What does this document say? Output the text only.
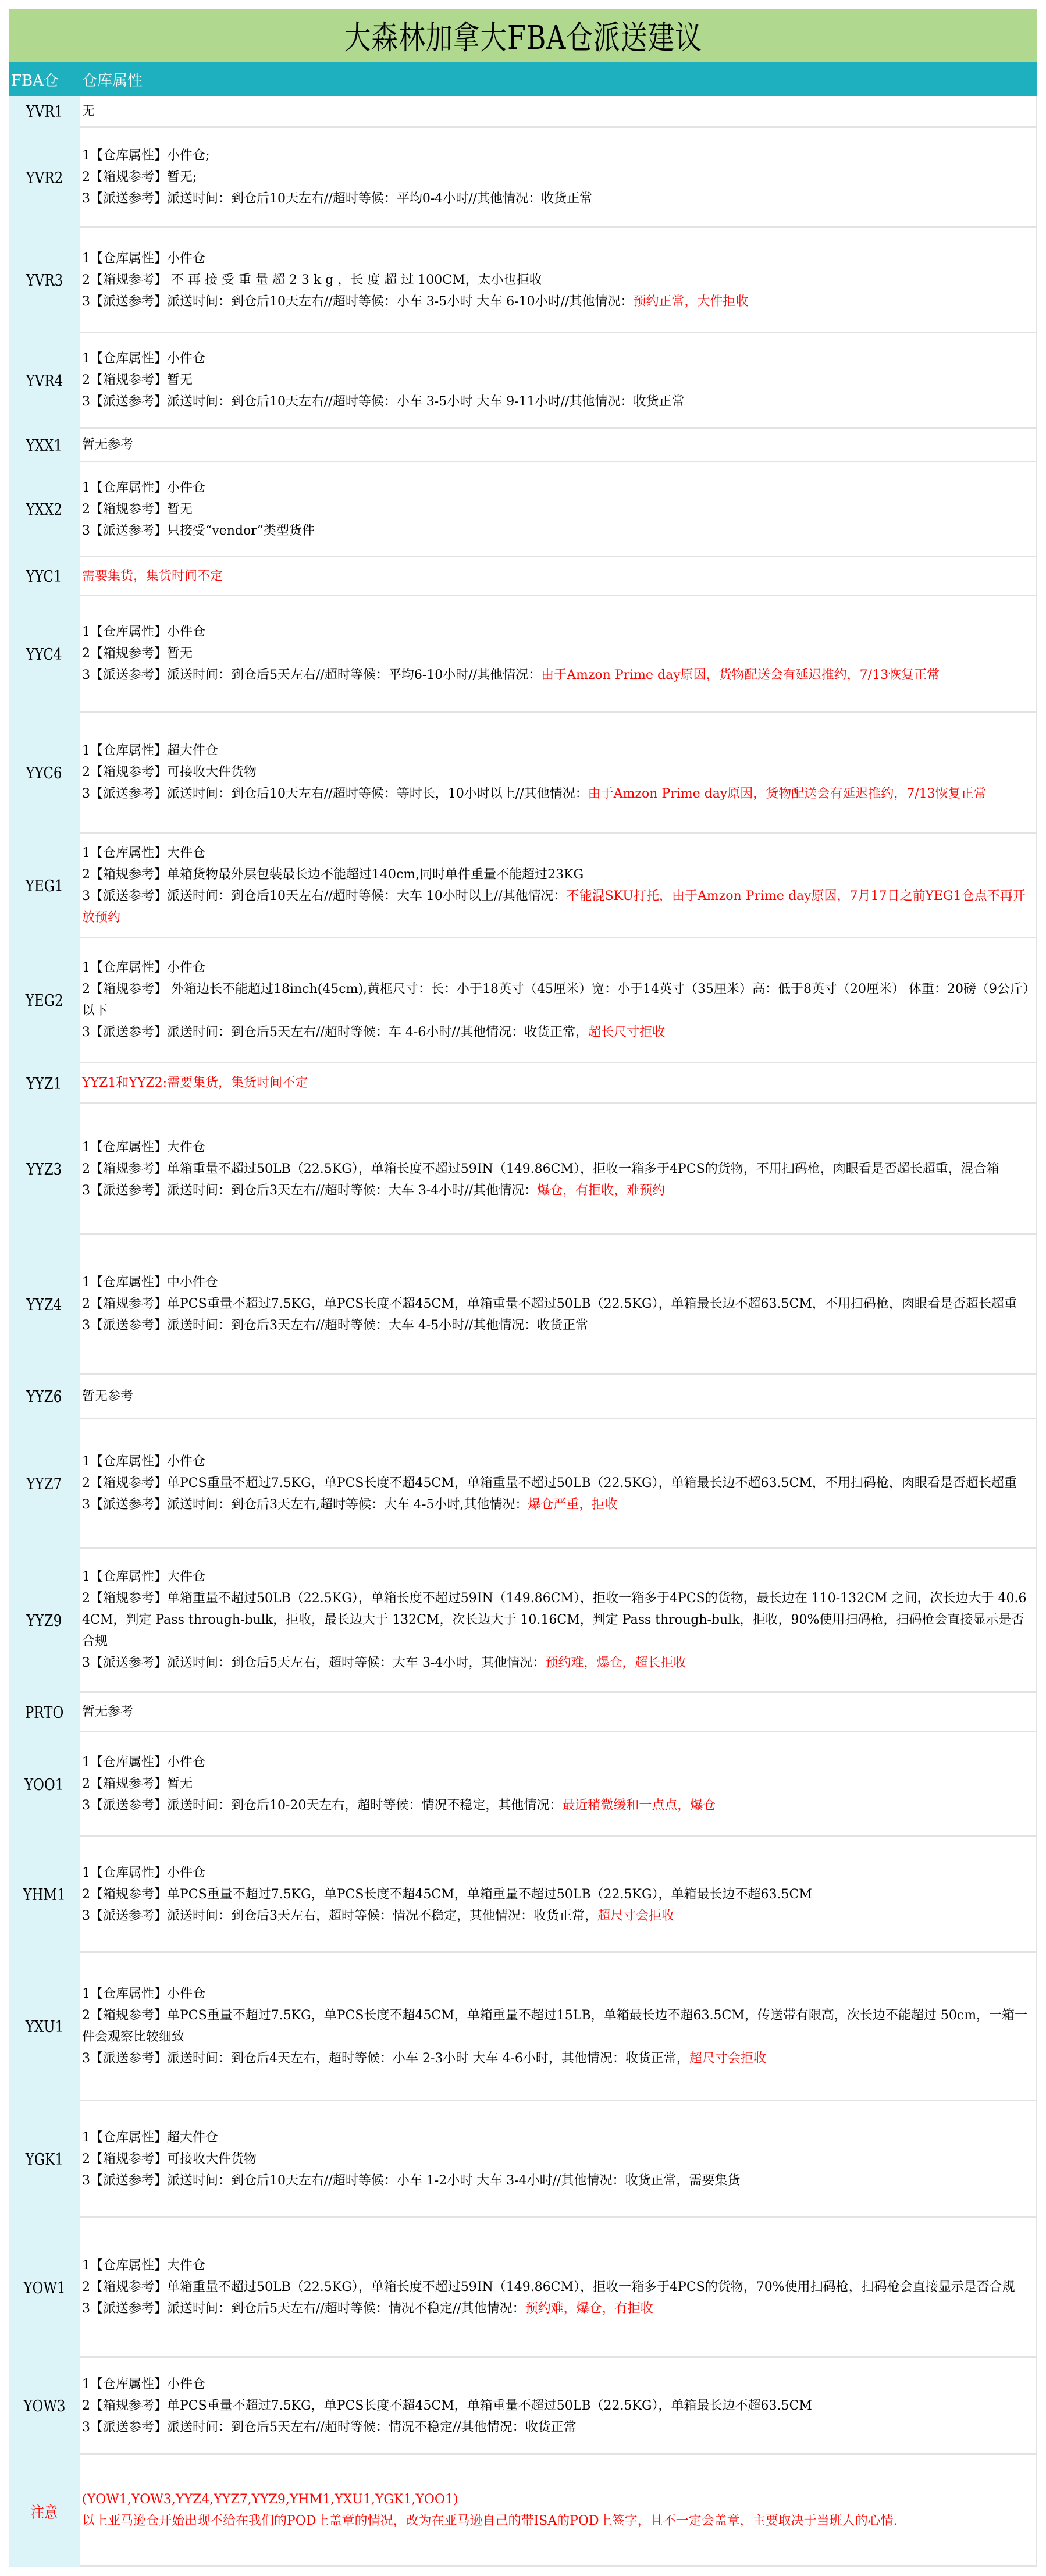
大森林加拿大FBA仓派送建议
FBA仓	仓库属性
YVR1 无
YVR2
1【仓库属性】小件仓;
2【箱规参考】暂无;
3【派送参考】派送时间：到仓后10天左右//超时等候：平均0-4小时//其他情况：收货正常
YVR3
1【仓库属性】小件仓
2【箱规参考】 不 再 接 受 重 量 超 2 3 k g ，长 度 超 过 100CM，太小也拒收
3【派送参考】派送时间：到仓后10天左右//超时等候：小车 3-5小时 大车 6-10小时//其他情况：预约正常，大件拒收
YVR4
1【仓库属性】小件仓
2【箱规参考】暂无
3【派送参考】派送时间：到仓后10天左右//超时等候：小车 3-5小时 大车 9-11小时//其他情况：收货正常
YXX1 暂无参考
YXX2
1【仓库属性】小件仓
2【箱规参考】暂无
3【派送参考】只接受“vendor”类型货件
YYC1 需要集货，集货时间不定
YYC4
1【仓库属性】小件仓
2【箱规参考】暂无
3【派送参考】派送时间：到仓后5天左右//超时等候：平均6-10小时//其他情况：由于Amzon Prime day原因，货物配送会有延迟推约，7/13恢复正常
YYC6
1【仓库属性】超大件仓
2【箱规参考】可接收大件货物
3【派送参考】派送时间：到仓后10天左右//超时等候：等时长，10小时以上//其他情况：由于Amzon Prime day原因，货物配送会有延迟推约，7/13恢复正常
YEG1
1【仓库属性】大件仓
2【箱规参考】单箱货物最外层包装最长边不能超过140cm,同时单件重量不能超过23KG
3【派送参考】派送时间：到仓后10天左右//超时等候：大车 10小时以上//其他情况：不能混SKU打托，由于Amzon Prime day原因，7月17日之前YEG1仓点不再开放预约
YEG2
1【仓库属性】小件仓
2【箱规参考】 外箱边长不能超过18inch(45cm),黄框尺寸：长：小于18英寸（45厘米）宽：小于14英寸（35厘米）高：低于8英寸（20厘米） 体重：20磅（9公斤）以下
3【派送参考】派送时间：到仓后5天左右//超时等候：车 4-6小时//其他情况：收货正常，超长尺寸拒收
YYZ1 YYZ1和YYZ2:需要集货，集货时间不定
YYZ3
1【仓库属性】大件仓
2【箱规参考】单箱重量不超过50LB（22.5KG），单箱长度不超过59IN（149.86CM），拒收一箱多于4PCS的货物，不用扫码枪，肉眼看是否超长超重，混合箱
3【派送参考】派送时间：到仓后3天左右//超时等候：大车 3-4小时//其他情况：爆仓，有拒收，难预约
YYZ4
1【仓库属性】中小件仓
2【箱规参考】单PCS重量不超过7.5KG，单PCS长度不超45CM，单箱重量不超过50LB（22.5KG），单箱最长边不超63.5CM，不用扫码枪，肉眼看是否超长超重
3【派送参考】派送时间：到仓后3天左右//超时等候：大车 4-5小时//其他情况：收货正常
YYZ6 暂无参考
YYZ7
1【仓库属性】小件仓
2【箱规参考】单PCS重量不超过7.5KG，单PCS长度不超45CM，单箱重量不超过50LB（22.5KG），单箱最长边不超63.5CM，不用扫码枪，肉眼看是否超长超重
3【派送参考】派送时间：到仓后3天左右,超时等候：大车 4-5小时,其他情况：爆仓严重，拒收
YYZ9
1【仓库属性】大件仓
2【箱规参考】单箱重量不超过50LB（22.5KG），单箱长度不超过59IN（149.86CM），拒收一箱多于4PCS的货物，最长边在 110-132CM 之间，次长边大于 40.64CM，判定 Pass through-bulk，拒收，最长边大于 132CM，次长边大于 10.16CM，判定 Pass through-bulk，拒收，90%使用扫码枪，扫码枪会直接显示是否合规
3【派送参考】派送时间：到仓后5天左右，超时等候：大车 3-4小时，其他情况：预约难，爆仓，超长拒收
PRTO 暂无参考
YOO1
1【仓库属性】小件仓
2【箱规参考】暂无
3【派送参考】派送时间：到仓后10-20天左右，超时等候：情况不稳定，其他情况：最近稍微缓和一点点，爆仓
YHM1
1【仓库属性】小件仓
2【箱规参考】单PCS重量不超过7.5KG，单PCS长度不超45CM，单箱重量不超过50LB（22.5KG），单箱最长边不超63.5CM
3【派送参考】派送时间：到仓后3天左右，超时等候：情况不稳定，其他情况：收货正常，超尺寸会拒收
YXU1
1【仓库属性】小件仓
2【箱规参考】单PCS重量不超过7.5KG，单PCS长度不超45CM，单箱重量不超过15LB，单箱最长边不超63.5CM，传送带有限高，次长边不能超过 50cm，一箱一件会观察比较细致
3【派送参考】派送时间：到仓后4天左右，超时等候：小车 2-3小时 大车 4-6小时，其他情况：收货正常，超尺寸会拒收
YGK1
1【仓库属性】超大件仓
2【箱规参考】可接收大件货物
3【派送参考】派送时间：到仓后10天左右//超时等候：小车 1-2小时 大车 3-4小时//其他情况：收货正常，需要集货
YOW1
1【仓库属性】大件仓
2【箱规参考】单箱重量不超过50LB（22.5KG），单箱长度不超过59IN（149.86CM），拒收一箱多于4PCS的货物，70%使用扫码枪，扫码枪会直接显示是否合规
3【派送参考】派送时间：到仓后5天左右//超时等候：情况不稳定//其他情况：预约难，爆仓，有拒收
YOW3
1【仓库属性】小件仓
2【箱规参考】单PCS重量不超过7.5KG，单PCS长度不超45CM，单箱重量不超过50LB（22.5KG），单箱最长边不超63.5CM
3【派送参考】派送时间：到仓后5天左右//超时等候：情况不稳定//其他情况：收货正常
注意
(YOW1,YOW3,YYZ4,YYZ7,YYZ9,YHM1,YXU1,YGK1,YOO1)
以上亚马逊仓开始出现不给在我们的POD上盖章的情况，改为在亚马逊自己的带ISA的POD上签字，且不一定会盖章，主要取决于当班人的心情.
